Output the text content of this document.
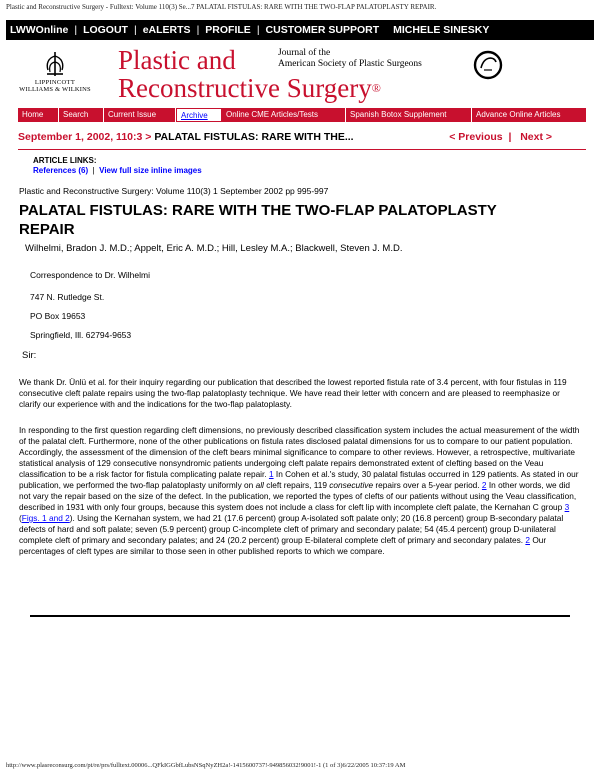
Plastic and Reconstructive Surgery - Fulltext: Volume 110(3) Se...7 PALATAL FISTULAS: RARE WITH THE TWO-FLAP PALATOPLASTY REPAIR.
LWWOnline | LOGOUT | eALERTS | PROFILE | CUSTOMER SUPPORT MICHELE SINESKY
LIPPINCOTT
WILLIAMS & WILKINS
Plastic and
Reconstructive Surgery®
Journal of the
American Society of Plastic Surgeons
Home	Search	Current Issue	Archive	Online CME Articles/Tests	Spanish Botox Supplement	Advance Online Articles
September 1, 2002, 110:3 > PALATAL FISTULAS: RARE WITH THE...	< Previous | Next >
ARTICLE LINKS:
References (6) | View full size inline images
Plastic and Reconstructive Surgery: Volume 110(3) 1 September 2002 pp 995-997
PALATAL FISTULAS: RARE WITH THE TWO-FLAP PALATOPLASTY
REPAIR
Wilhelmi, Bradon J. M.D.; Appelt, Eric A. M.D.; Hill, Lesley M.A.; Blackwell, Steven J. M.D.
Correspondence to Dr. Wilhelmi
747 N. Rutledge St.
PO Box 19653
Springfield, Ill. 62794-9653
Sir:
We thank Dr. Ünlü et al. for their inquiry regarding our publication that described the lowest reported fistula rate of 3.4 percent, with four fistulas in 119 consecutive cleft palate repairs using the two-flap palatoplasty technique. We have read their letter with concern and are pleased to reemphasize or clarify our experience with and the indications for the two-flap palatoplasty.
In responding to the first question regarding cleft dimensions, no previously described classification system includes the actual measurement of the width of the palatal cleft. Furthermore, none of the other publications on fistula rates disclosed palatal dimensions for us to compare to our patient population. Accordingly, the assessment of the dimension of the cleft bears minimal significance to compare to other reviews. However, a retrospective, multivariate statistical analysis of 129 consecutive nonsyndromic patients undergoing cleft palate repairs demonstrated extent of clefting based on the Veau classification to be a risk factor for fistula complicating palate repair. 1 In Cohen et al.'s study, 30 palatal fistulas occurred in 129 patients. As stated in our publication, we performed the two-flap palatoplasty uniformly on all cleft repairs, 119 consecutive repairs over a 5-year period. 2 In other words, we did not vary the repair based on the size of the defect. In the publication, we reported the types of clefts of our patients without using the Veau classification, described in 1931 with only four groups, because this system does not include a class for cleft lip with incomplete cleft palate, the Kernahan C group 3 (Figs. 1 and 2). Using the Kernahan system, we had 21 (17.6 percent) group A-isolated soft palate only; 20 (16.8 percent) group B-secondary palatal defects of hard and soft palate; seven (5.9 percent) group C-incomplete cleft of primary and secondary palate; 54 (45.4 percent) group D-unilateral complete cleft of primary and secondary palates; and 24 (20.2 percent) group E-bilateral complete cleft of primary and secondary palates. 2 Our percentages of cleft types are similar to those seen in other published reports to which we compare.
http://www.plasreconsurg.com/pt/re/prs/fulltext.00006...QFkIGGbfLubsNSqNyZH2a!-1415600737!-949856032!9001!-1 (1 of 3)6/22/2005 10:37:19 AM
